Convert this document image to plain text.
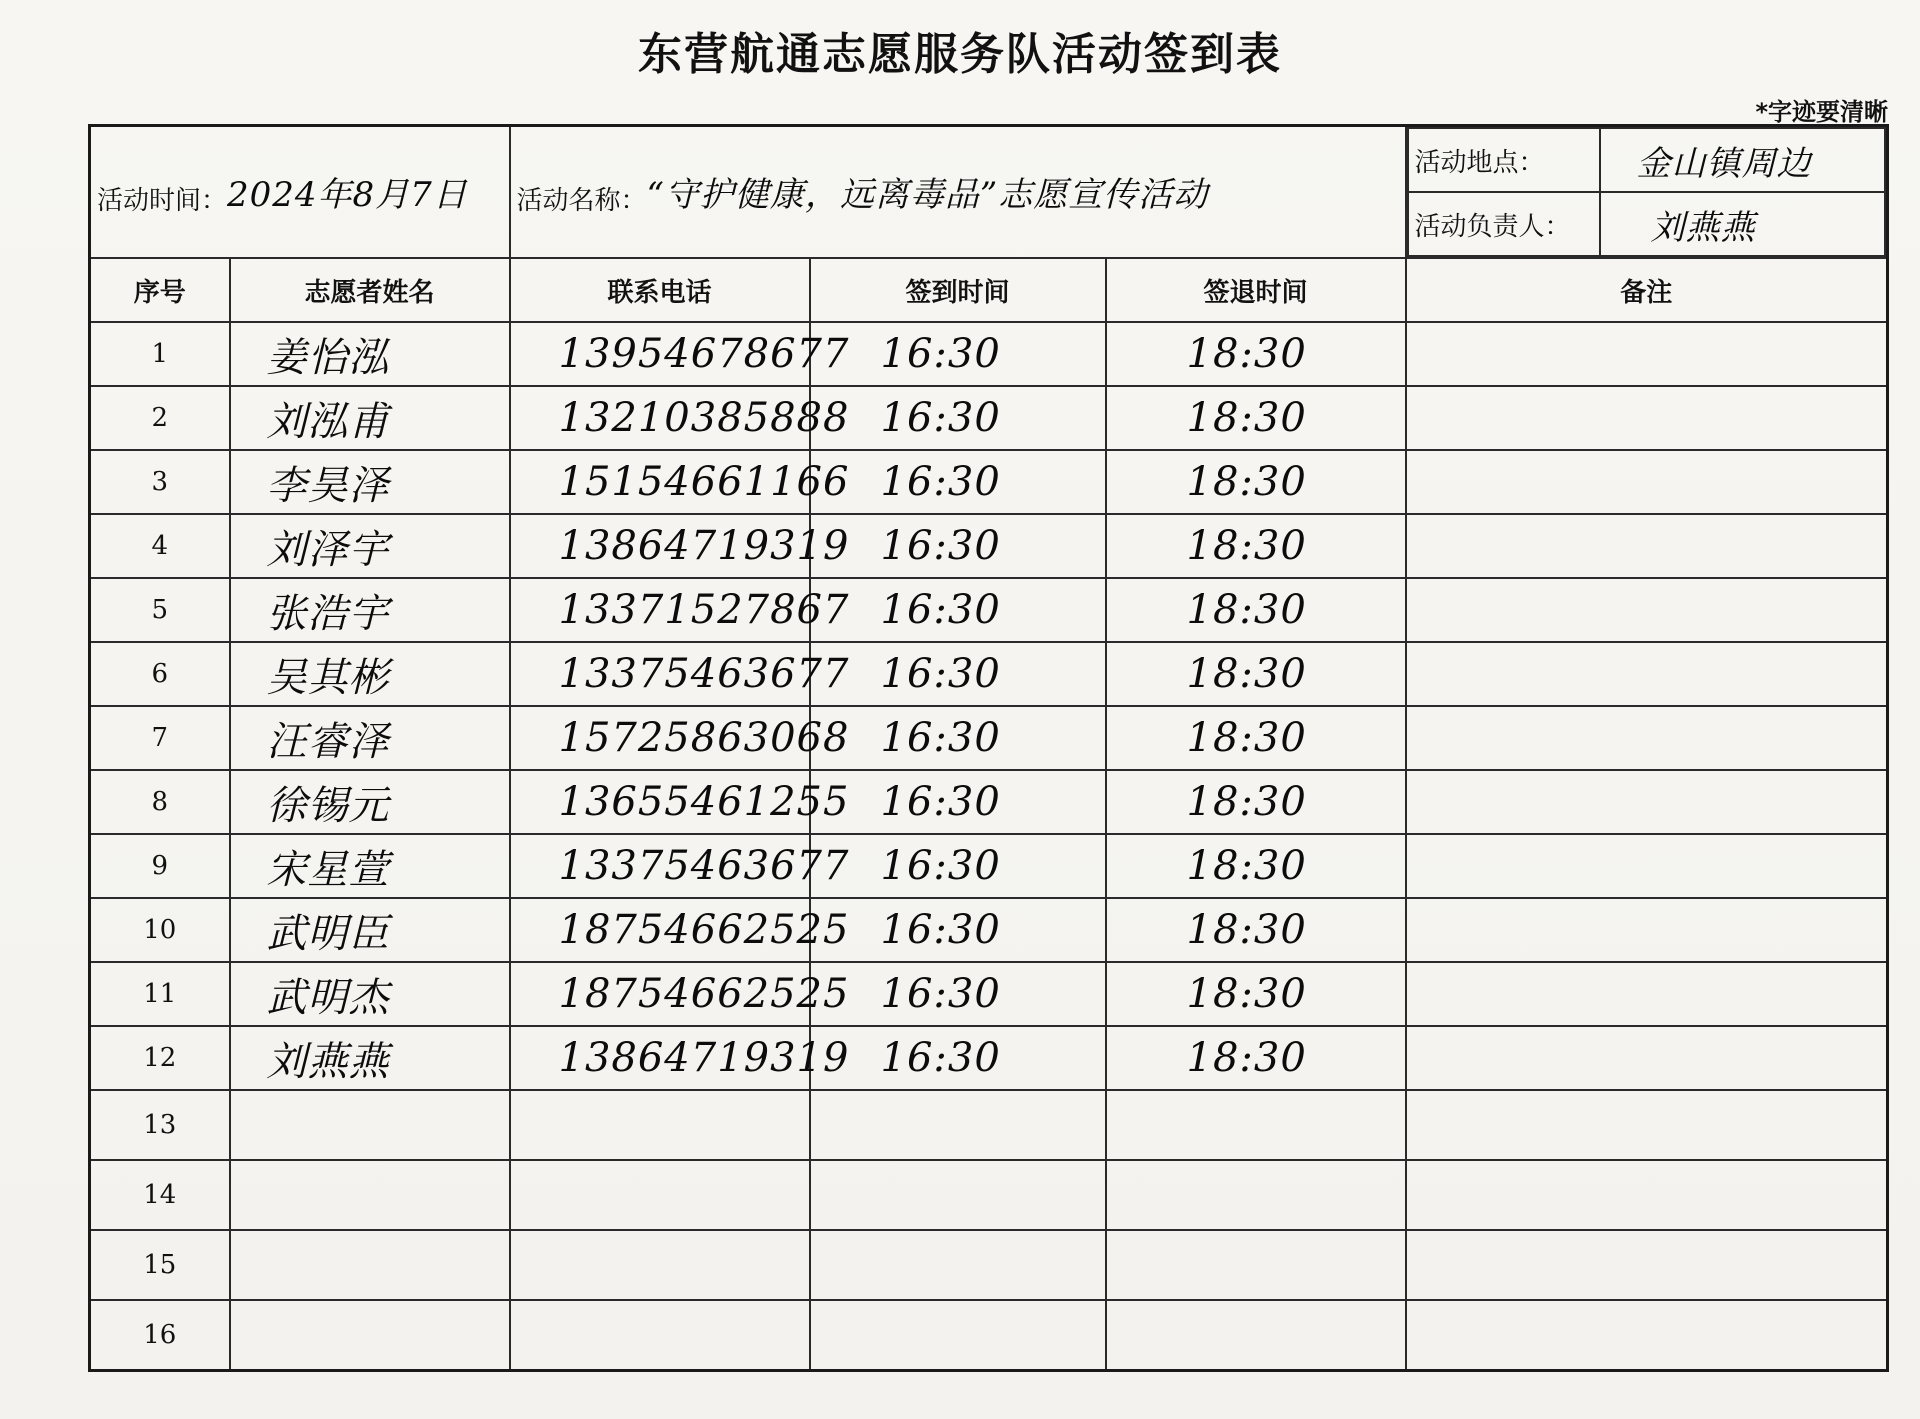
东营航通志愿服务队活动签到表
*字迹要清晰
活动时间：2024年8月7日	活动名称：“守护健康，远离毒品”志愿宣传活动	
活动地点：	金山镇周边
活动负责人：	刘燕燕

序号	志愿者姓名	联系电话	签到时间	签退时间	备注
1	姜怡泓	13954678677	16:30	18:30	
2	刘泓甫	13210385888	16:30	18:30	
3	李昊泽	15154661166	16:30	18:30	
4	刘泽宇	13864719319	16:30	18:30	
5	张浩宇	13371527867	16:30	18:30	
6	吴其彬	13375463677	16:30	18:30	
7	汪睿泽	15725863068	16:30	18:30	
8	徐锡元	13655461255	16:30	18:30	
9	宋星萱	13375463677	16:30	18:30	
10	武明臣	18754662525	16:30	18:30	
11	武明杰	18754662525	16:30	18:30	
12	刘燕燕	13864719319	16:30	18:30	
13					
14					
15					
16					
